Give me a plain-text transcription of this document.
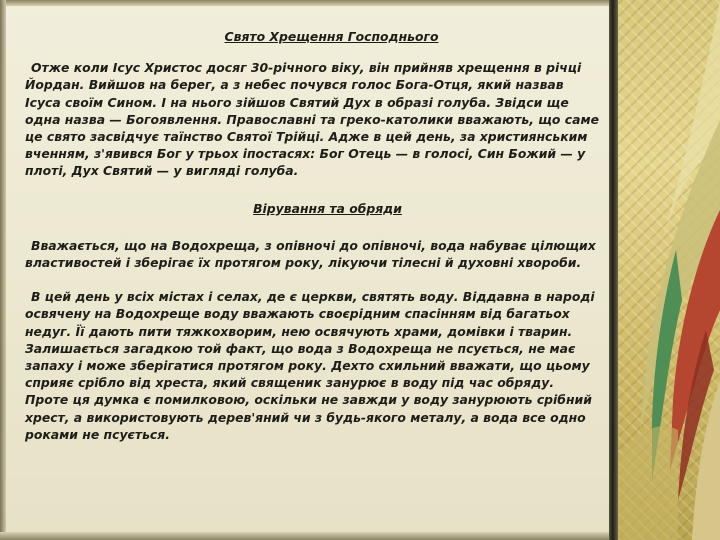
Свято Хрещення Господнього

Отже коли Ісус Христос досяг 30-річного віку, він прийняв хрещення в річці Йордан. Вийшов на берег, а з небес почувся голос Бога-Отця, який назвав Ісуса своїм Сином. І на нього зійшов Святий Дух в образі голуба. Звідси ще одна назва — Богоявлення. Православні та греко-католики вважають, що саме це свято засвідчує таїнство Святої Трійці. Адже в цей день, за християнським вченням, з'явився Бог у трьох іпостасях: Бог Отець — в голосі, Син Божий — у плоті, Дух Святий — у вигляді голуба.

Вірування та обряди

Вважається, що на Водохреща, з опівночі до опівночі, вода набуває цілющих властивостей і зберігає їх протягом року, лікуючи тілесні й духовні хвороби.

В цей день у всіх містах і селах, де є церкви, святять воду. Віддавна в народі освячену на Водохреще воду вважають своєрідним спасінням від багатьох недуг. Її дають пити тяжкохворим, нею освячують храми, домівки і тварин. Залишається загадкою той факт, що вода з Водохреща не псується, не має запаху і може зберігатися протягом року. Дехто схильний вважати, що цьому сприяє срібло від хреста, який священик занурює в воду під час обряду. Проте ця думка є помилковою, оскільки не завжди у воду занурюють срібний хрест, а використовують дерев'яний чи з будь-якого металу, а вода все одно роками не псується.
